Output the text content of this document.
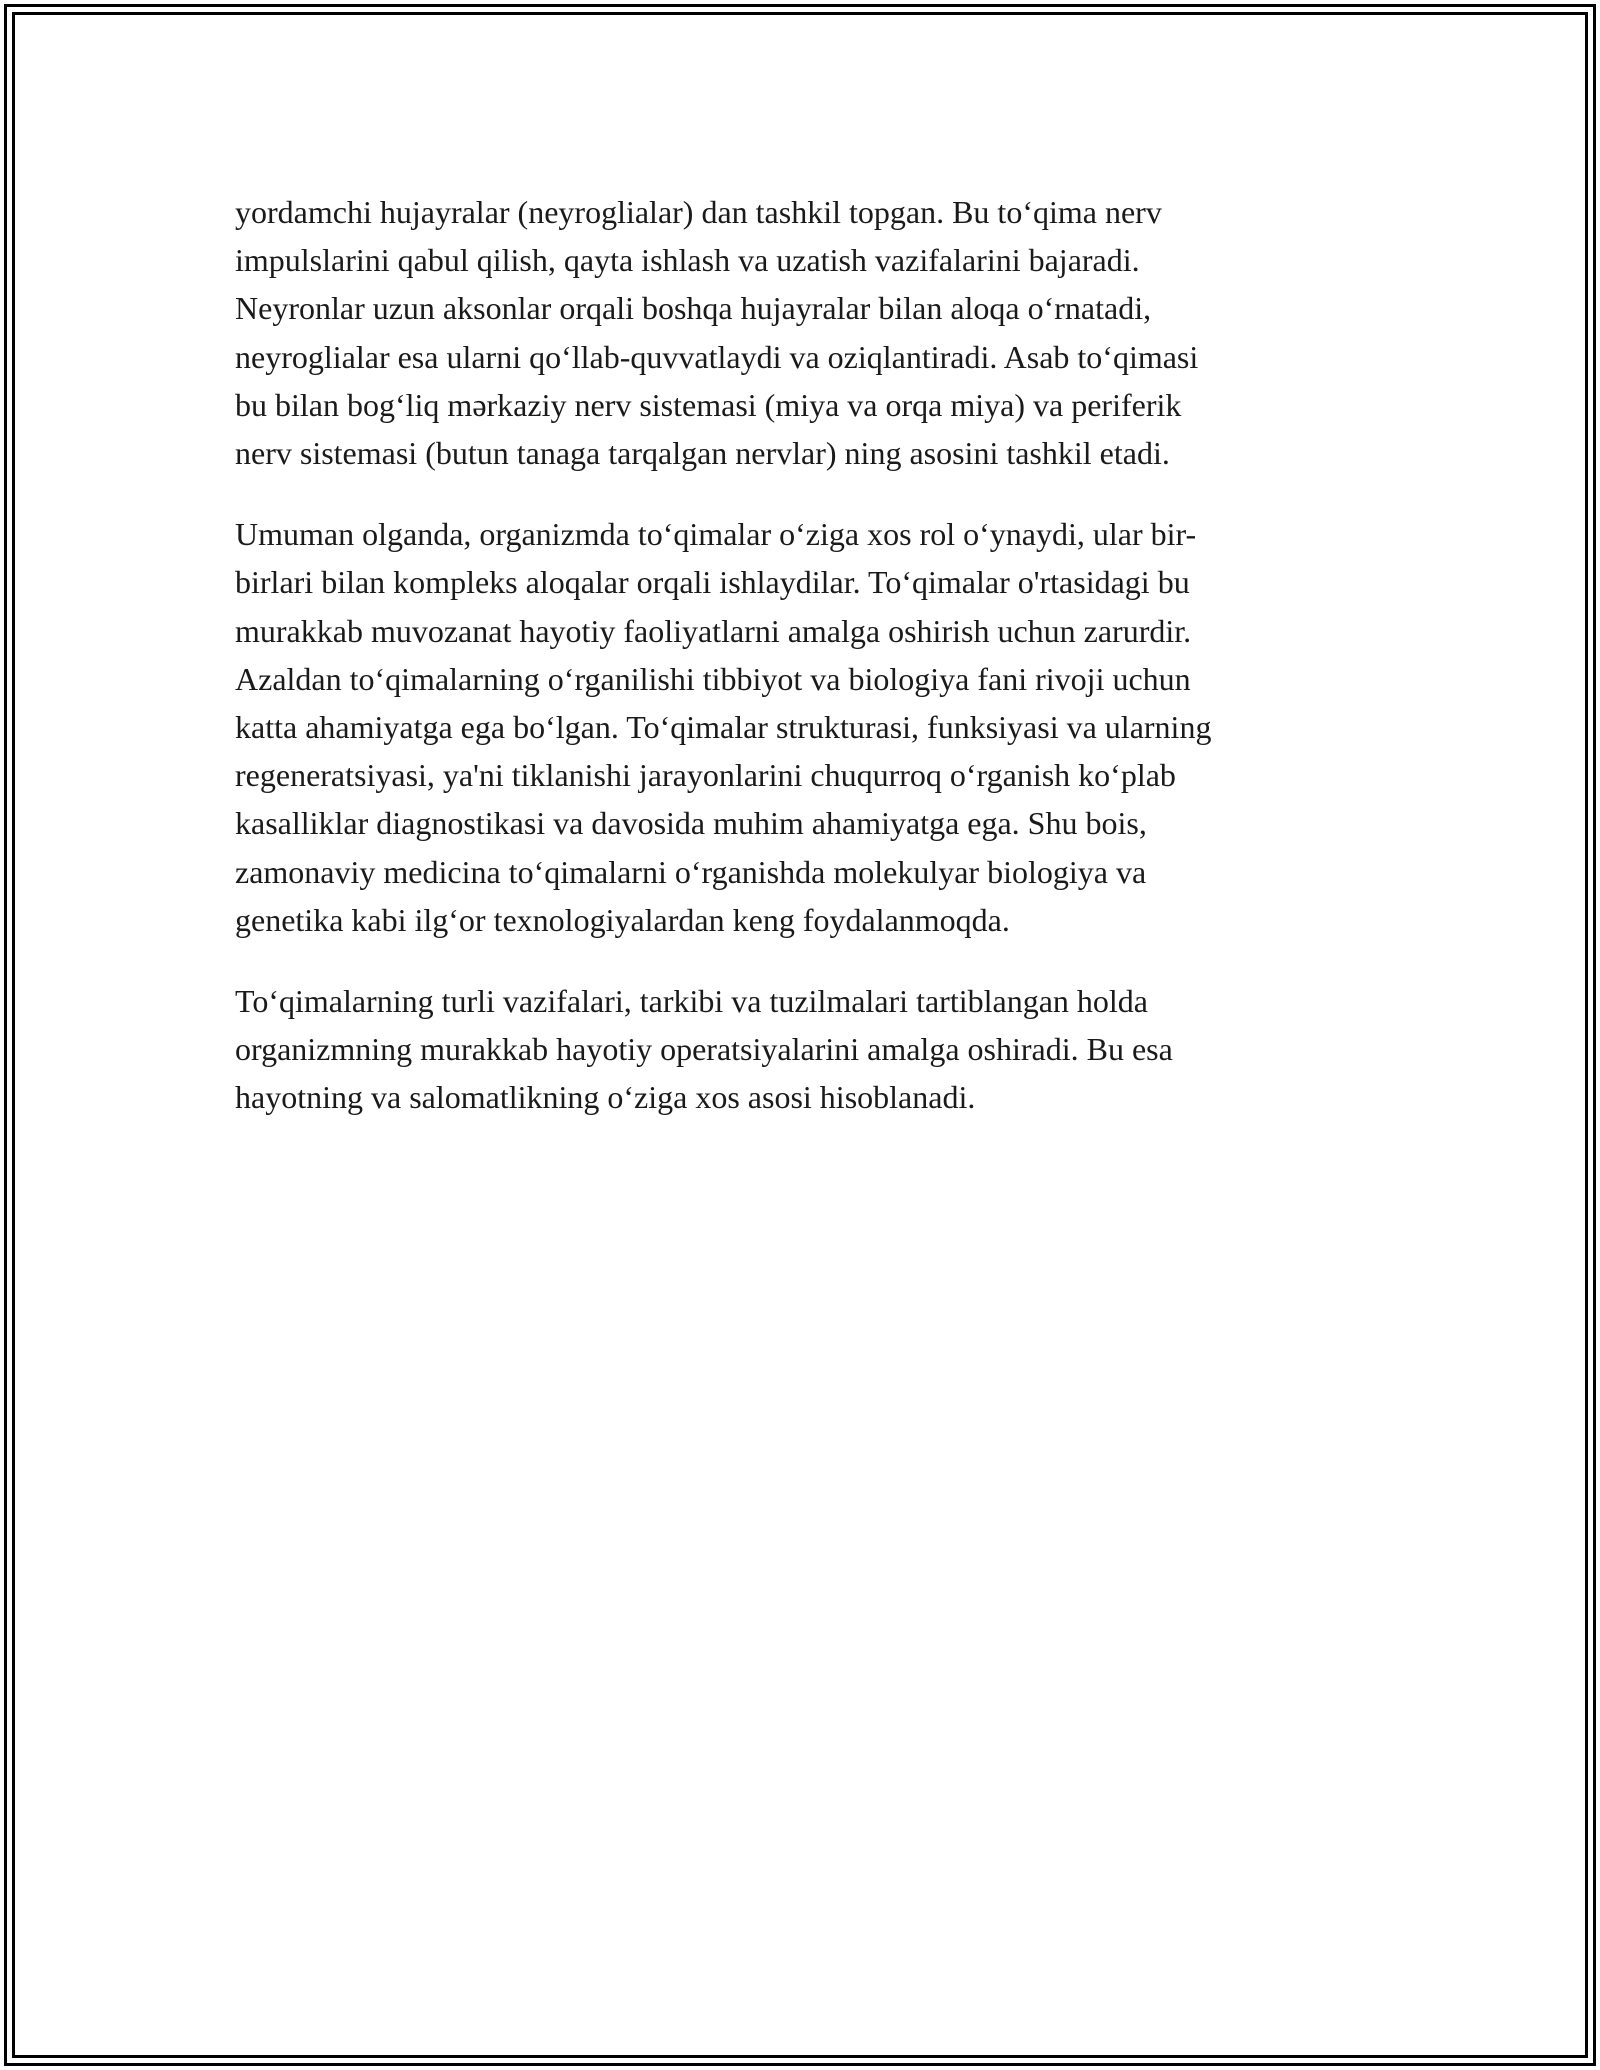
yordamchi hujayralar (neyroglialar) dan tashkil topgan. Bu to‘qima nerv
impulslarini qabul qilish, qayta ishlash va uzatish vazifalarini bajaradi.
Neyronlar uzun aksonlar orqali boshqa hujayralar bilan aloqa o‘rnatadi,
neyroglialar esa ularni qo‘llab-quvvatlaydi va oziqlantiradi. Asab to‘qimasi
bu bilan bog‘liq mərkaziy nerv sistemasi (miya va orqa miya) va periferik
nerv sistemasi (butun tanaga tarqalgan nervlar) ning asosini tashkil etadi.

Umuman olganda, organizmda to‘qimalar o‘ziga xos rol o‘ynaydi, ular bir-
birlari bilan kompleks aloqalar orqali ishlaydilar. To‘qimalar o'rtasidagi bu
murakkab muvozanat hayotiy faoliyatlarni amalga oshirish uchun zarurdir.
Azaldan to‘qimalarning o‘rganilishi tibbiyot va biologiya fani rivoji uchun
katta ahamiyatga ega bo‘lgan. To‘qimalar strukturasi, funksiyasi va ularning
regeneratsiyasi, ya'ni tiklanishi jarayonlarini chuqurroq o‘rganish ko‘plab
kasalliklar diagnostikasi va davosida muhim ahamiyatga ega. Shu bois,
zamonaviy medicina to‘qimalarni o‘rganishda molekulyar biologiya va
genetika kabi ilg‘or texnologiyalardan keng foydalanmoqda.

To‘qimalarning turli vazifalari, tarkibi va tuzilmalari tartiblangan holda
organizmning murakkab hayotiy operatsiyalarini amalga oshiradi. Bu esa
hayotning va salomatlikning o‘ziga xos asosi hisoblanadi.
